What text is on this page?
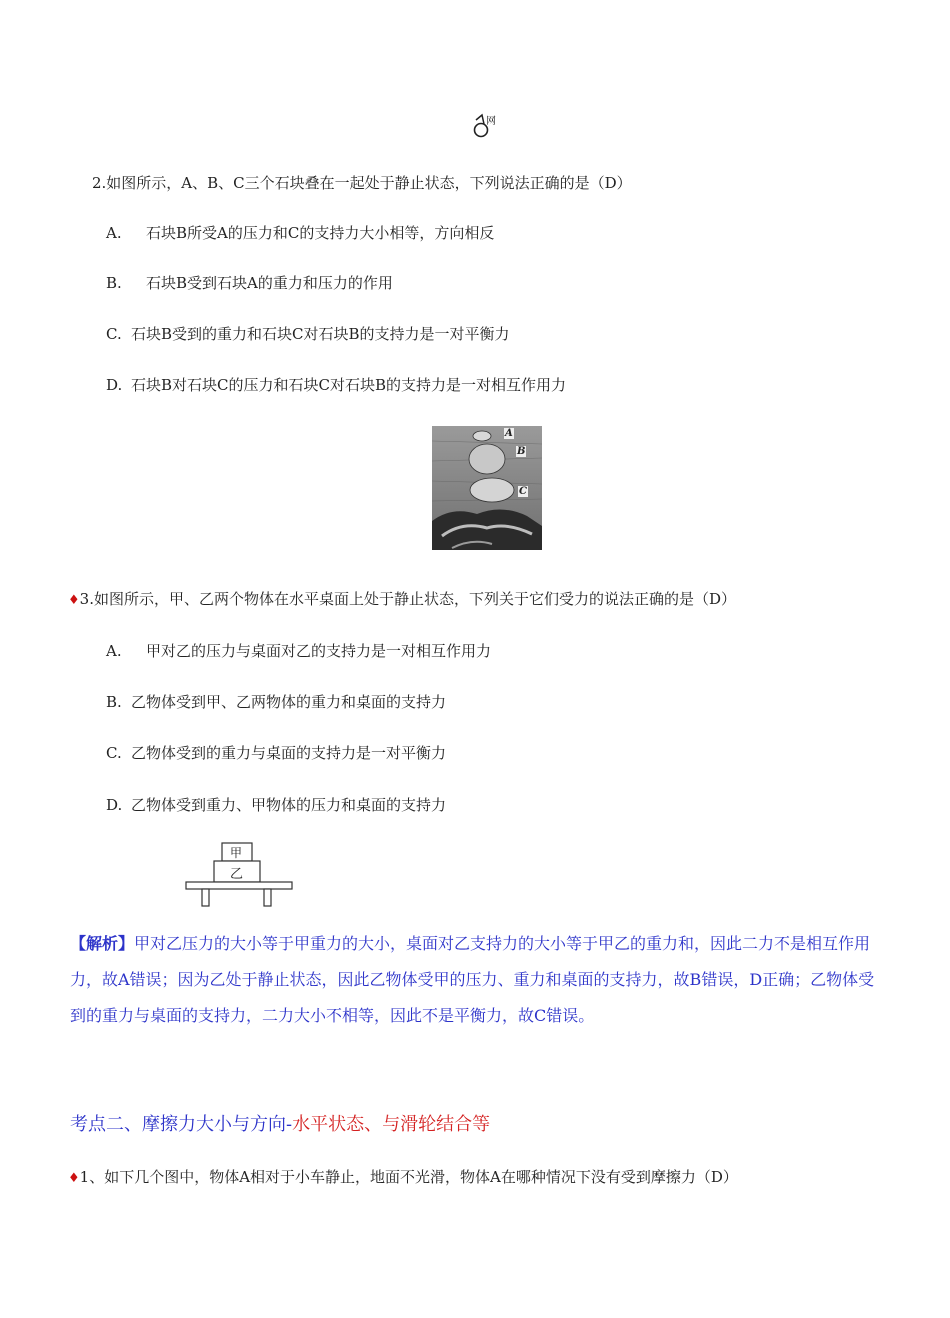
网
2.如图所示，A、B、C三个石块叠在一起处于静止状态，下列说法正确的是（D）
A. 石块B所受A的压力和C的支持力大小相等，方向相反
B. 石块B受到石块A的重力和压力的作用
C. 石块B受到的重力和石块C对石块B的支持力是一对平衡力
D. 石块B对石块C的压力和石块C对石块B的支持力是一对相互作用力
A
B
C
♦3.如图所示，甲、乙两个物体在水平桌面上处于静止状态，下列关于它们受力的说法正确的是（D）
A. 甲对乙的压力与桌面对乙的支持力是一对相互作用力
B. 乙物体受到甲、乙两物体的重力和桌面的支持力
C. 乙物体受到的重力与桌面的支持力是一对平衡力
D. 乙物体受到重力、甲物体的压力和桌面的支持力
甲
乙
【解析】甲对乙压力的大小等于甲重力的大小，桌面对乙支持力的大小等于甲乙的重力和，因此二力不是相互作用力，故A错误；因为乙处于静止状态，因此乙物体受甲的压力、重力和桌面的支持力，故B错误，D正确；乙物体受到的重力与桌面的支持力，二力大小不相等，因此不是平衡力，故C错误。
考点二、摩擦力大小与方向-水平状态、与滑轮结合等
♦1、如下几个图中，物体A相对于小车静止，地面不光滑，物体A在哪种情况下没有受到摩擦力（D）
